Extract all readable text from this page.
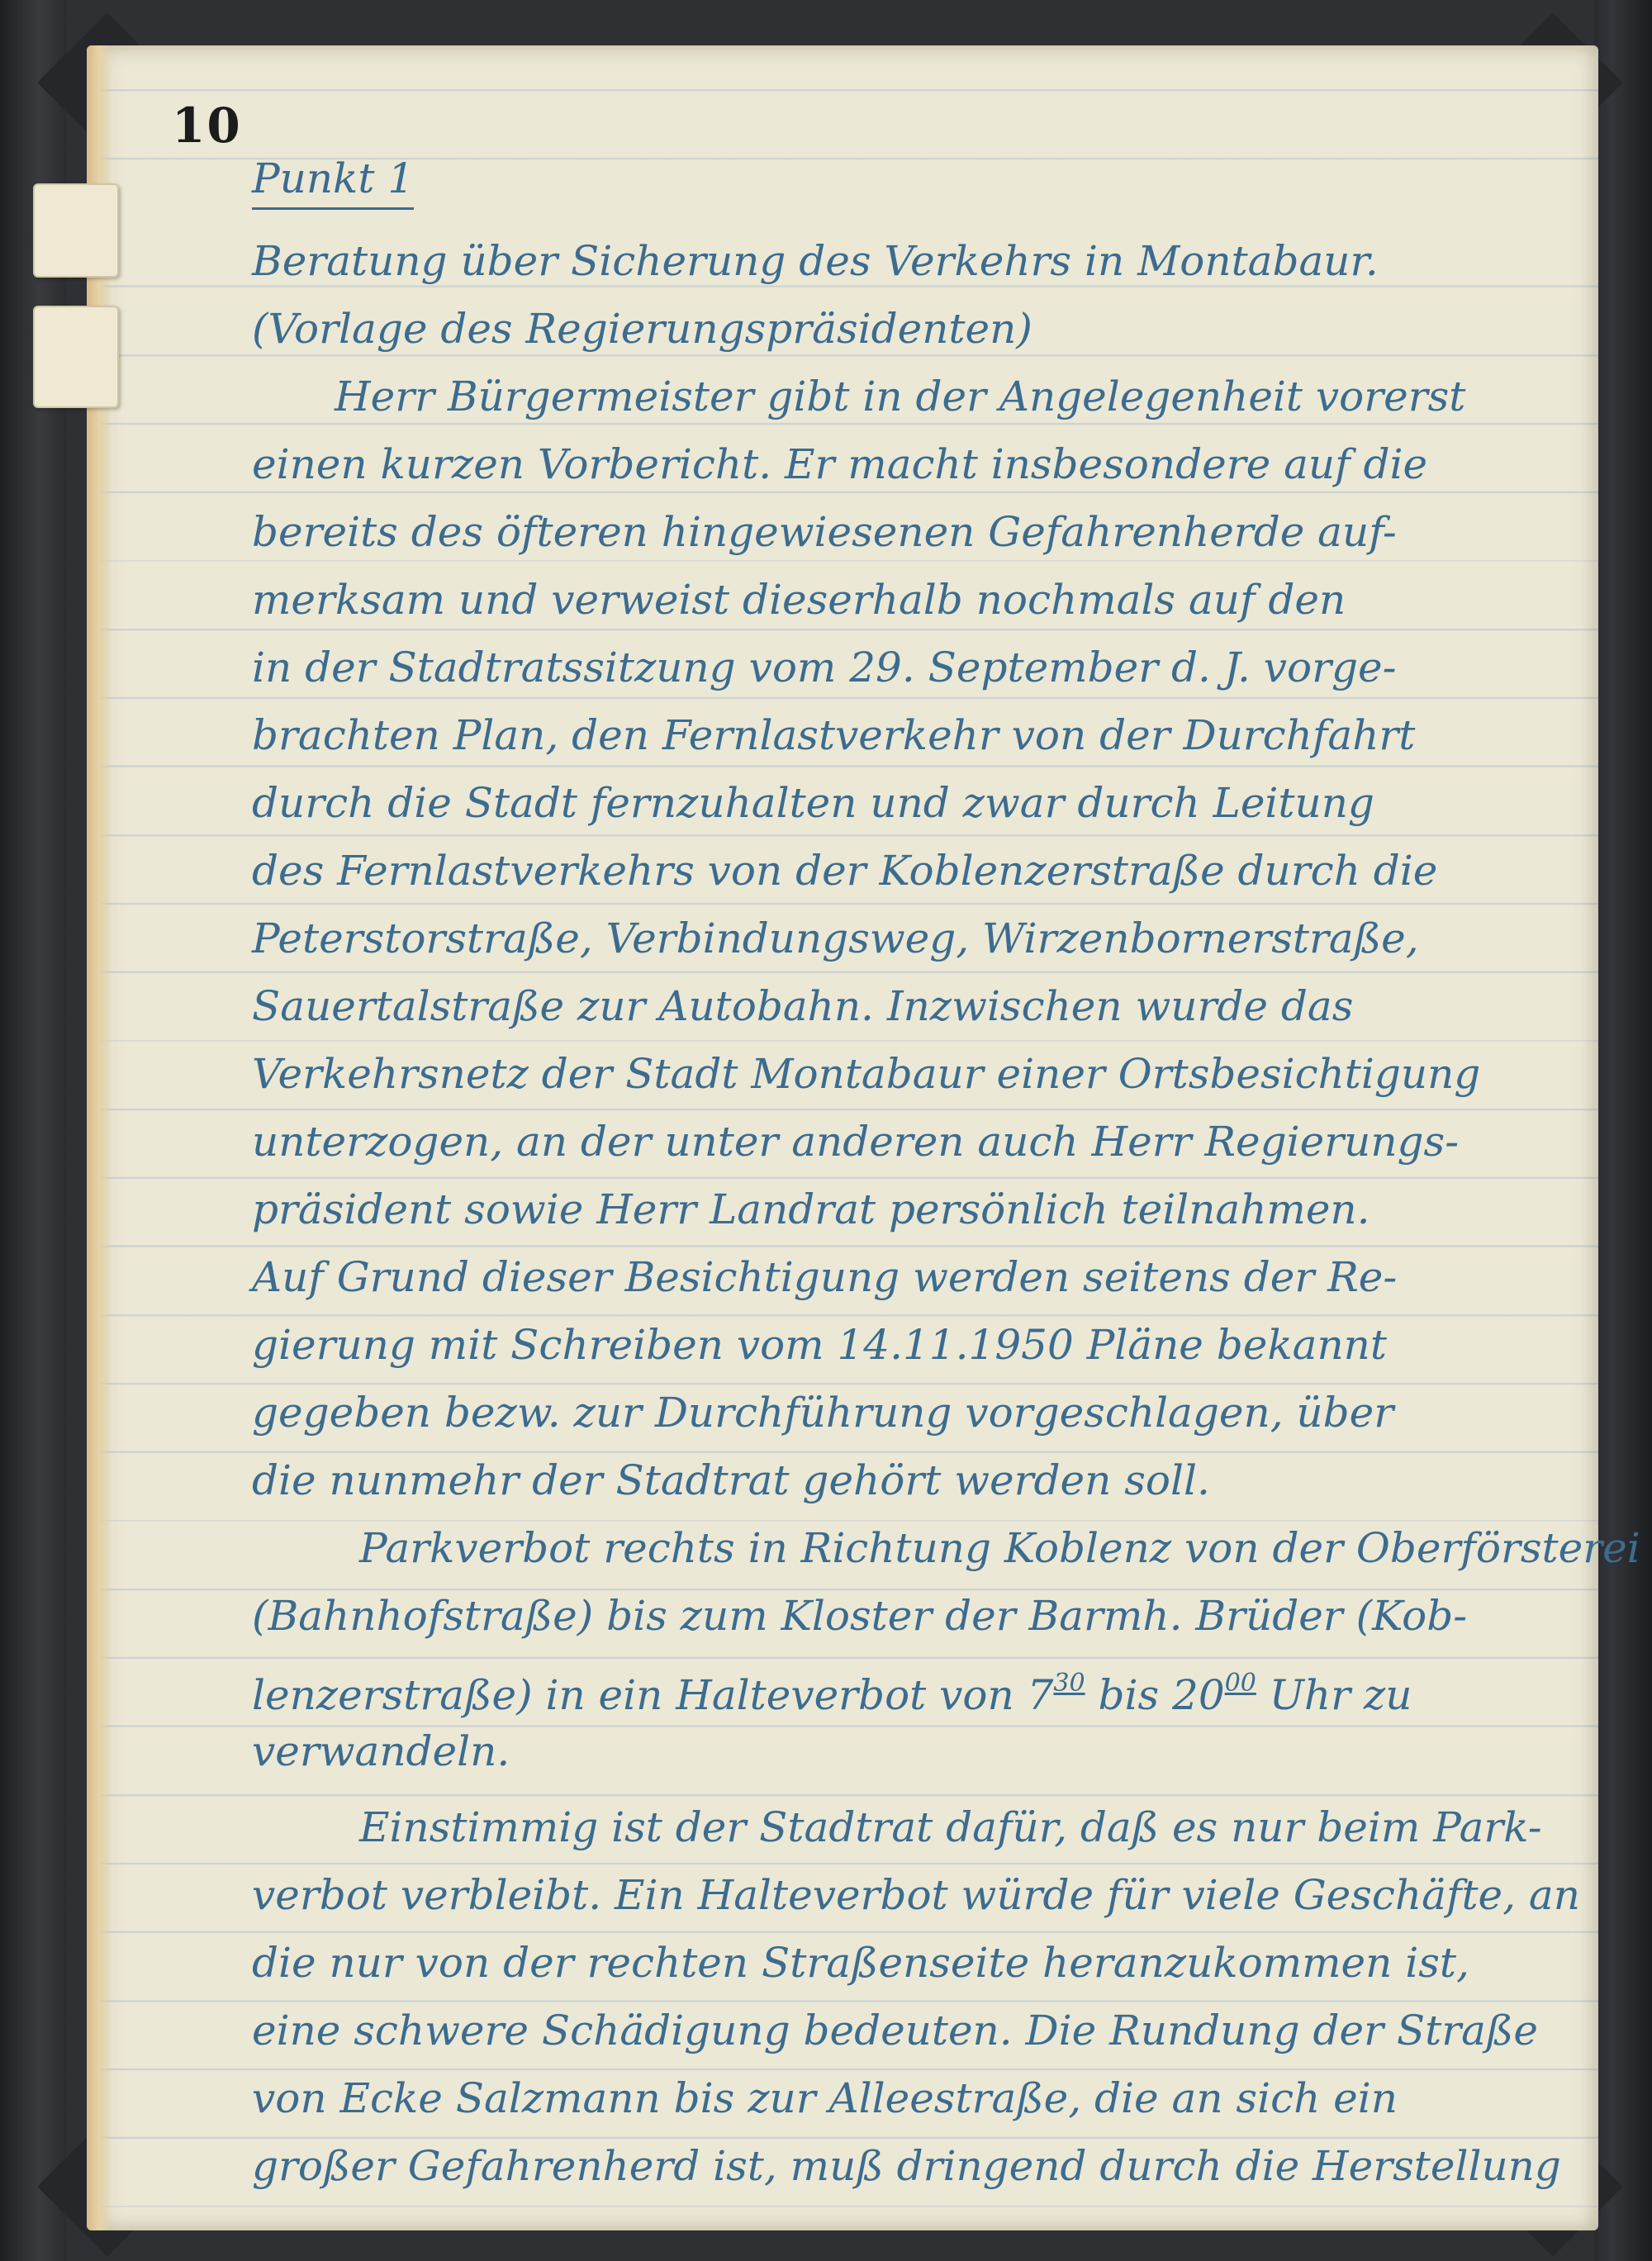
10
Punkt 1
Beratung über Sicherung des Verkehrs in Montabaur.
(Vorlage des Regierungspräsidenten)
Herr Bürgermeister gibt in der Angelegenheit vorerst
einen kurzen Vorbericht. Er macht insbesondere auf die
bereits des öfteren hingewiesenen Gefahrenherde auf-
merksam und verweist dieserhalb nochmals auf den
in der Stadtratssitzung vom 29. September d. J. vorge-
brachten Plan, den Fernlastverkehr von der Durchfahrt
durch die Stadt fernzuhalten und zwar durch Leitung
des Fernlastverkehrs von der Koblenzerstraße durch die
Peterstorstraße, Verbindungsweg, Wirzenbornerstraße,
Sauertalstraße zur Autobahn. Inzwischen wurde das
Verkehrsnetz der Stadt Montabaur einer Ortsbesichtigung
unterzogen, an der unter anderen auch Herr Regierungs-
präsident sowie Herr Landrat persönlich teilnahmen.
Auf Grund dieser Besichtigung werden seitens der Re-
gierung mit Schreiben vom 14.11.1950 Pläne bekannt
gegeben bezw. zur Durchführung vorgeschlagen, über
die nunmehr der Stadtrat gehört werden soll.
Parkverbot rechts in Richtung Koblenz von der Oberförsterei
(Bahnhofstraße) bis zum Kloster der Barmh. Brüder (Kob-
lenzerstraße) in ein Halteverbot von $7^{30}$ bis $20^{00}$ Uhr zu
verwandeln.
Einstimmig ist der Stadtrat dafür, daß es nur beim Park-
verbot verbleibt. Ein Halteverbot würde für viele Geschäfte, an
die nur von der rechten Straßenseite heranzukommen ist,
eine schwere Schädigung bedeuten. Die Rundung der Straße
von Ecke Salzmann bis zur Alleestraße, die an sich ein
großer Gefahrenherd ist, muß dringend durch die Herstellung
